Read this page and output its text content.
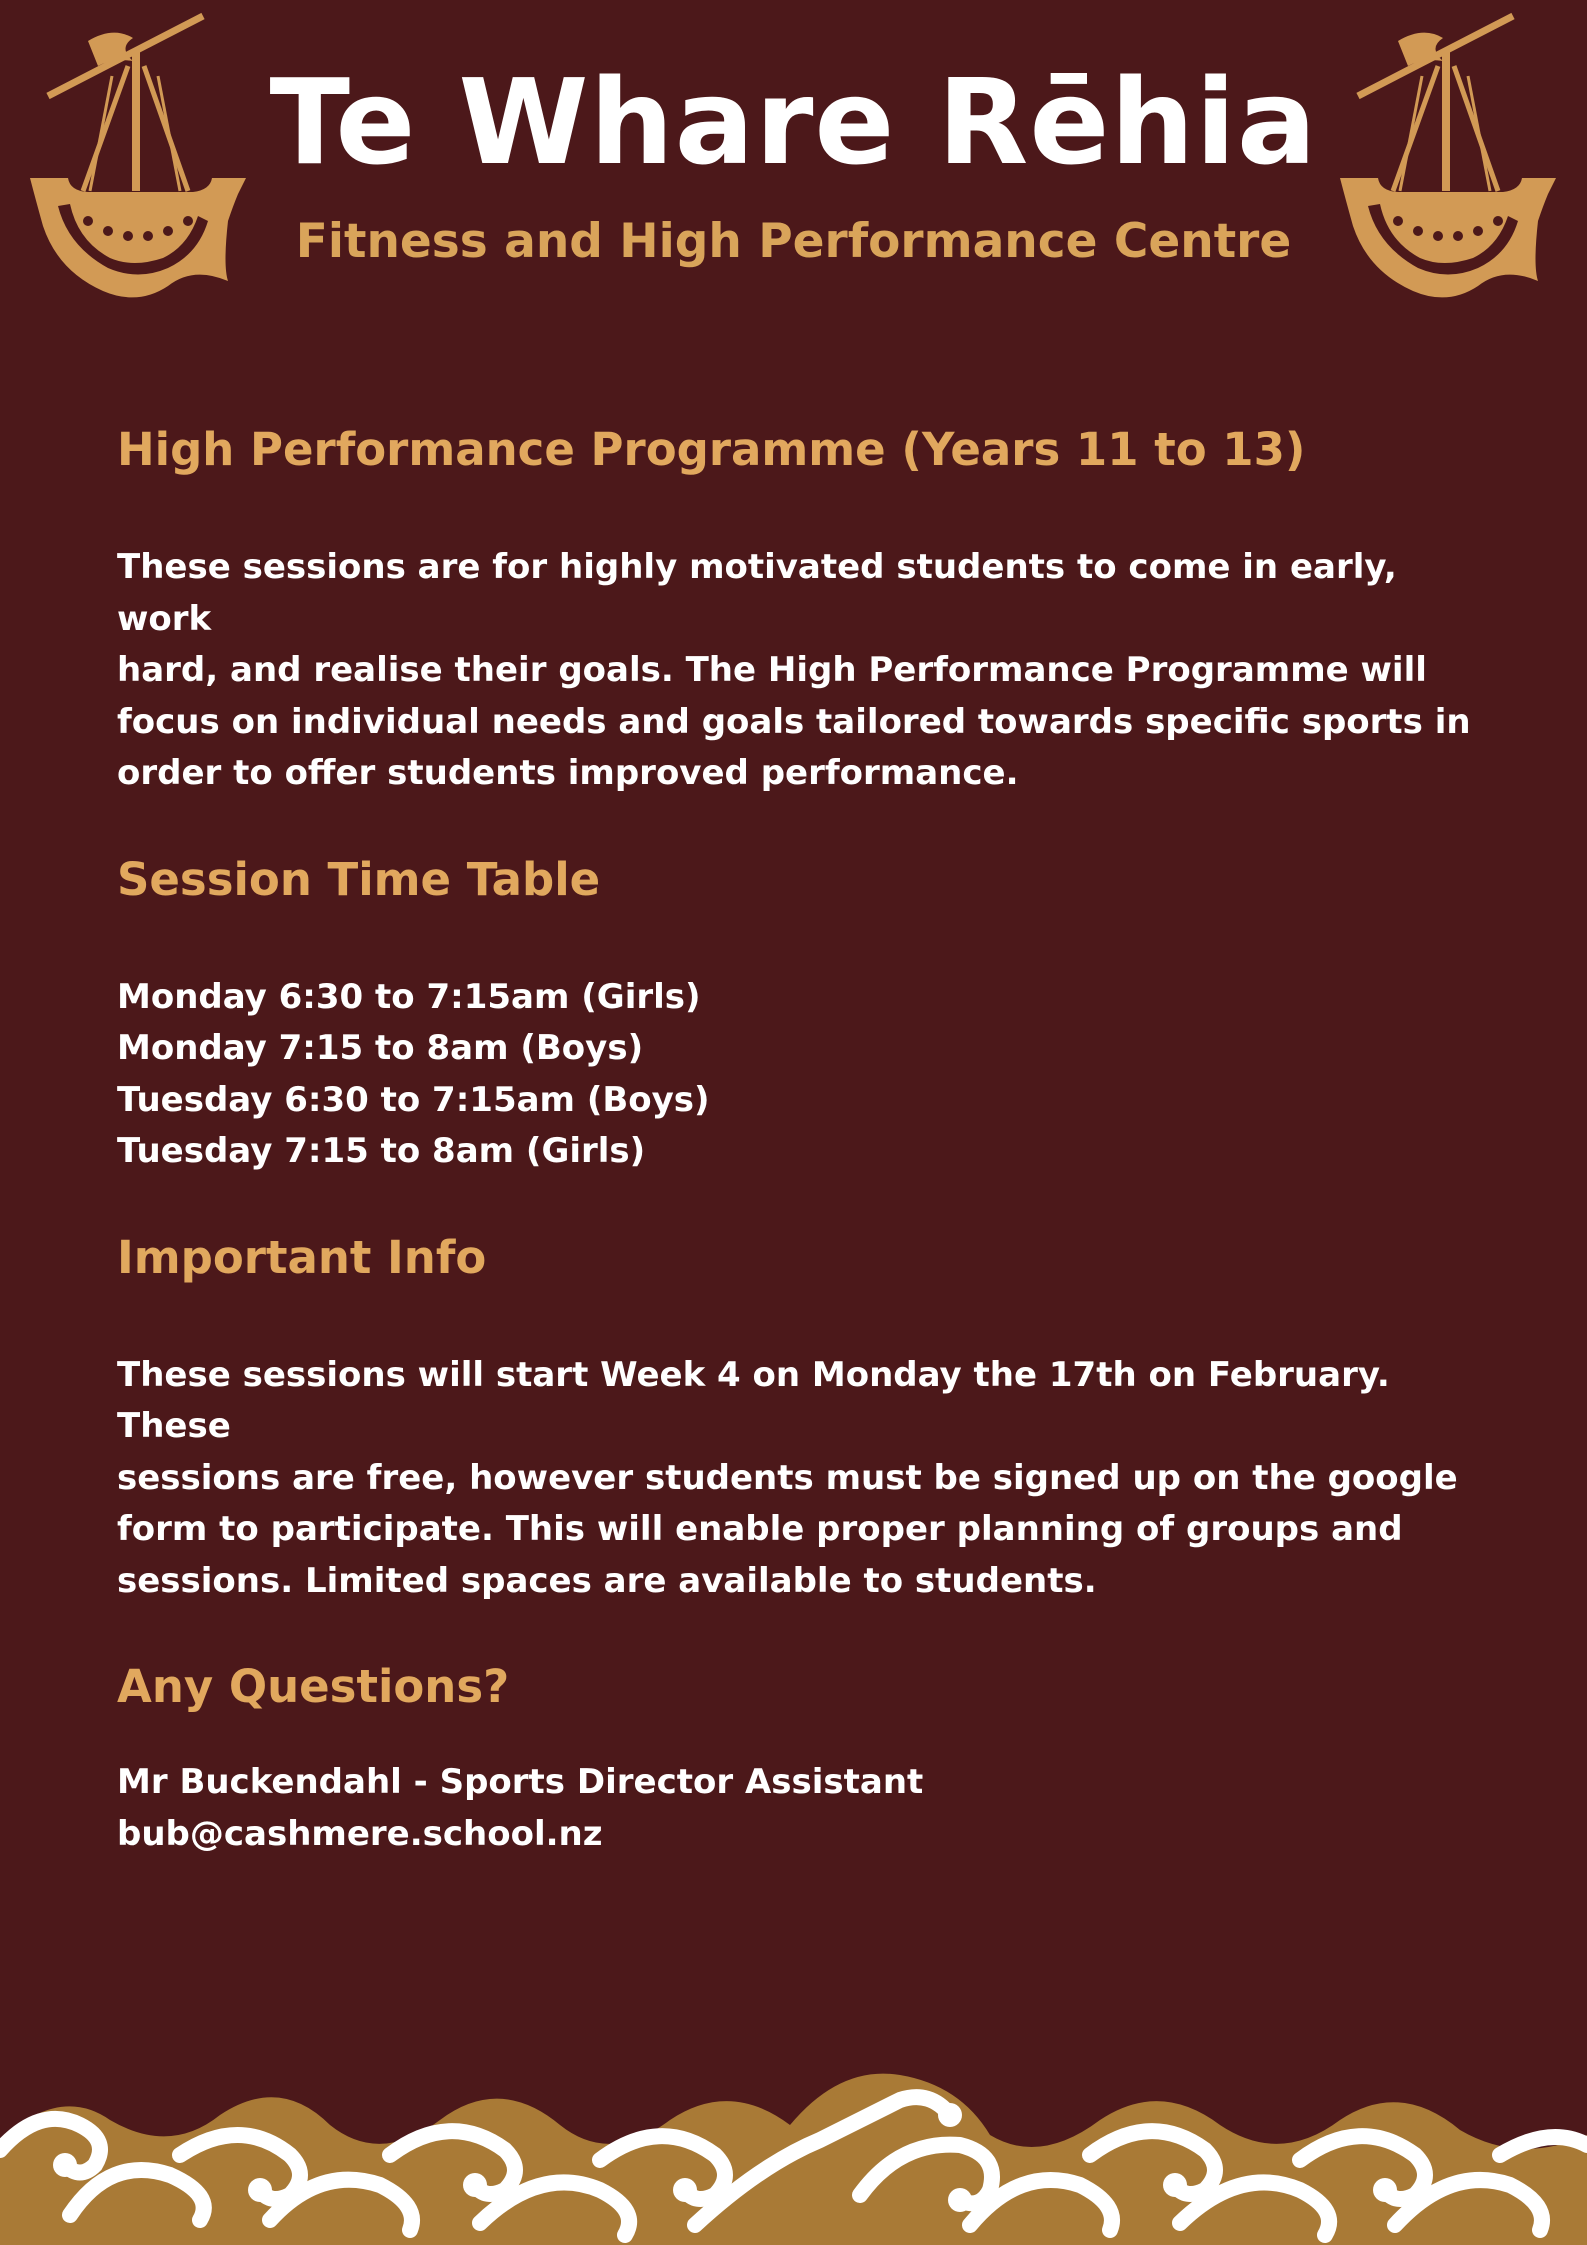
Te Whare Rēhia
Fitness and High Performance Centre
High Performance Programme (Years 11 to 13)

These sessions are for highly motivated students to come in early, work

hard, and realise their goals. The High Performance Programme will

focus on individual needs and goals tailored towards specific sports in

order to offer students improved performance.

Session Time Table

Monday 6:30 to 7:15am (Girls)

Monday 7:15 to 8am (Boys)

Tuesday 6:30 to 7:15am (Boys)

Tuesday 7:15 to 8am (Girls)

Important Info

These sessions will start Week 4 on Monday the 17th on February. These

sessions are free, however students must be signed up on the google

form to participate. This will enable proper planning of groups and

sessions. Limited spaces are available to students.

Any Questions?

Mr Buckendahl - Sports Director Assistant

bub@cashmere.school.nz
